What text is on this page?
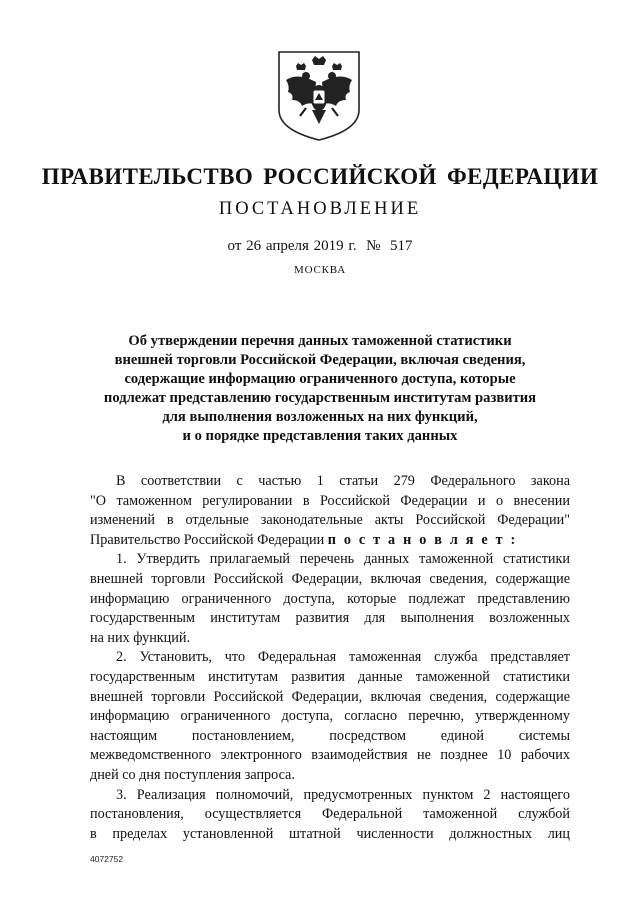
ПРАВИТЕЛЬСТВО РОССИЙСКОЙ ФЕДЕРАЦИИ
ПОСТАНОВЛЕНИЕ
от 26 апреля 2019 г.  №  517
МОСКВА
Об утверждении перечня данных таможенной статистики
внешней торговли Российской Федерации, включая сведения,
содержащие информацию ограниченного доступа, которые
подлежат представлению государственным институтам развития
для выполнения возложенных на них функций,
и о порядке представления таких данных
В соответствии с частью 1 статьи 279 Федерального закона
"О таможенном регулировании в Российской Федерации и о внесении
изменений в отдельные законодательные акты Российской Федерации"
Правительство Российской Федерации п о с т а н о в л я е т :
1. Утвердить прилагаемый перечень данных таможенной статистики
внешней торговли Российской Федерации, включая сведения, содержащие
информацию ограниченного доступа, которые подлежат представлению
государственным институтам развития для выполнения возложенных
на них функций.
2. Установить, что Федеральная таможенная служба представляет
государственным институтам развития данные таможенной статистики
внешней торговли Российской Федерации, включая сведения, содержащие
информацию ограниченного доступа, согласно перечню, утвержденному
настоящим постановлением, посредством единой системы
межведомственного электронного взаимодействия не позднее 10 рабочих
дней со дня поступления запроса.
3. Реализация полномочий, предусмотренных пунктом 2 настоящего
постановления, осуществляется Федеральной таможенной службой
в пределах установленной штатной численности должностных лиц
4072752
